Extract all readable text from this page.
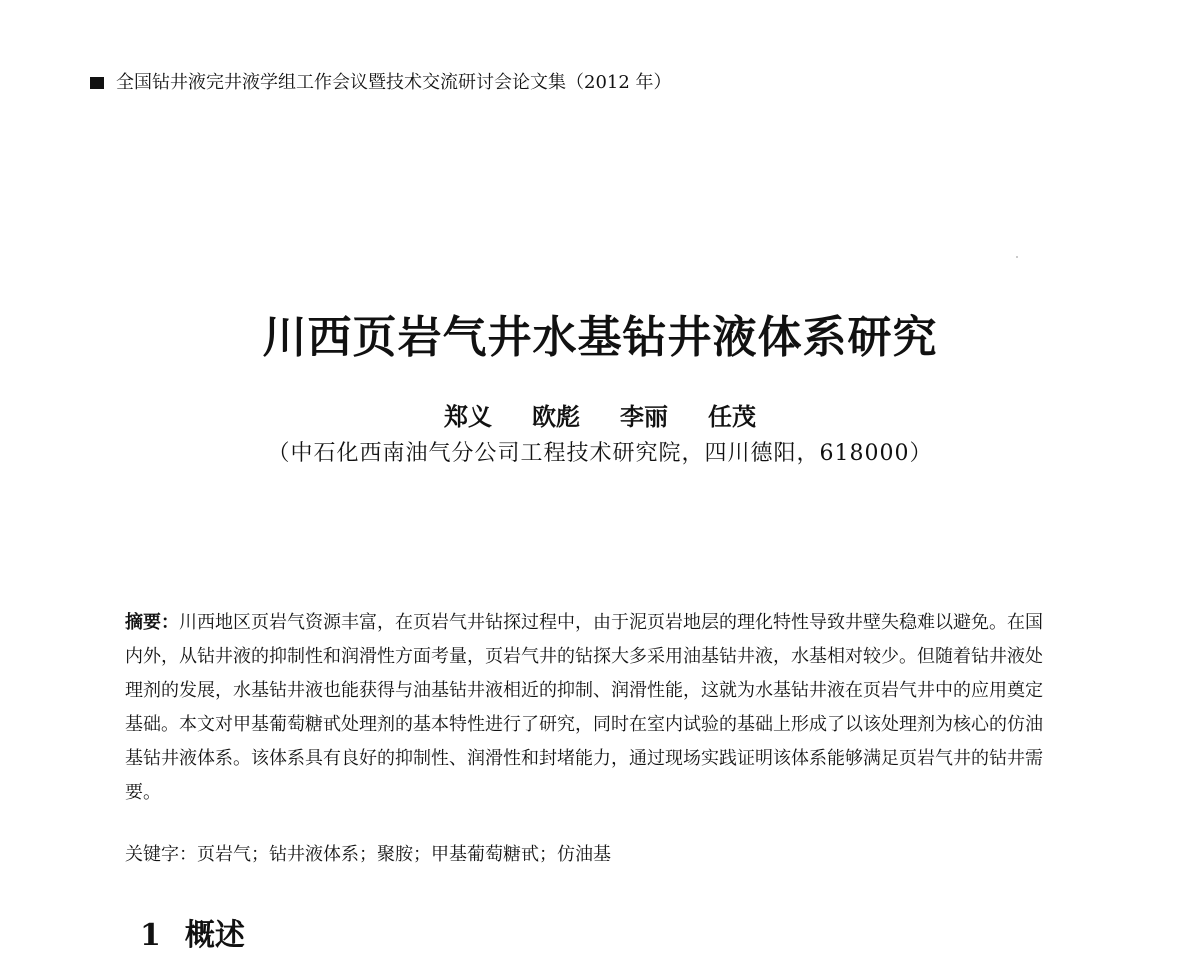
全国钻井液完井液学组工作会议暨技术交流研讨会论文集（2012 年）
川西页岩气井水基钻井液体系研究
郑义 欧彪 李丽 任茂
（中石化西南油气分公司工程技术研究院，四川德阳，618000）
摘要：川西地区页岩气资源丰富，在页岩气井钻探过程中，由于泥页岩地层的理化特性导致井壁失稳难以避免。在国内外，从钻井液的抑制性和润滑性方面考量，页岩气井的钻探大多采用油基钻井液，水基相对较少。但随着钻井液处理剂的发展，水基钻井液也能获得与油基钻井液相近的抑制、润滑性能，这就为水基钻井液在页岩气井中的应用奠定基础。本文对甲基葡萄糖甙处理剂的基本特性进行了研究，同时在室内试验的基础上形成了以该处理剂为核心的仿油基钻井液体系。该体系具有良好的抑制性、润滑性和封堵能力，通过现场实践证明该体系能够满足页岩气井的钻井需要。
关键字：页岩气；钻井液体系；聚胺；甲基葡萄糖甙；仿油基
1 概述
